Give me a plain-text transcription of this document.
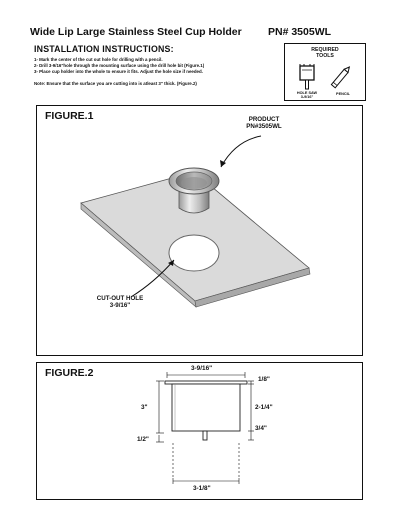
Wide Lip Large Stainless Steel Cup Holder	PN# 3505WL
INSTALLATION INSTRUCTIONS:
1- Mark the center of the cut out hole for drilling with a pencil.
2- Drill 3-9/16"hole through the mounting surface using the drill hole bit (Figure.1)
3- Place cup holder into the whole to ensure it fits. Adjust the hole size if needed.
Note: Ensure that the surface you are cutting into is atleast 3" thick. (Figure.2)
REQUIRED
TOOLS
HOLE SAW
3-9/16"
PENCIL
FIGURE.1	PRODUCT
PN#3505WL
CUT-OUT HOLE
3-9/16"
FIGURE.2	3-9/16"
1/8"
3"	2-1/4"
3/4"
1/2"
3-1/8"
